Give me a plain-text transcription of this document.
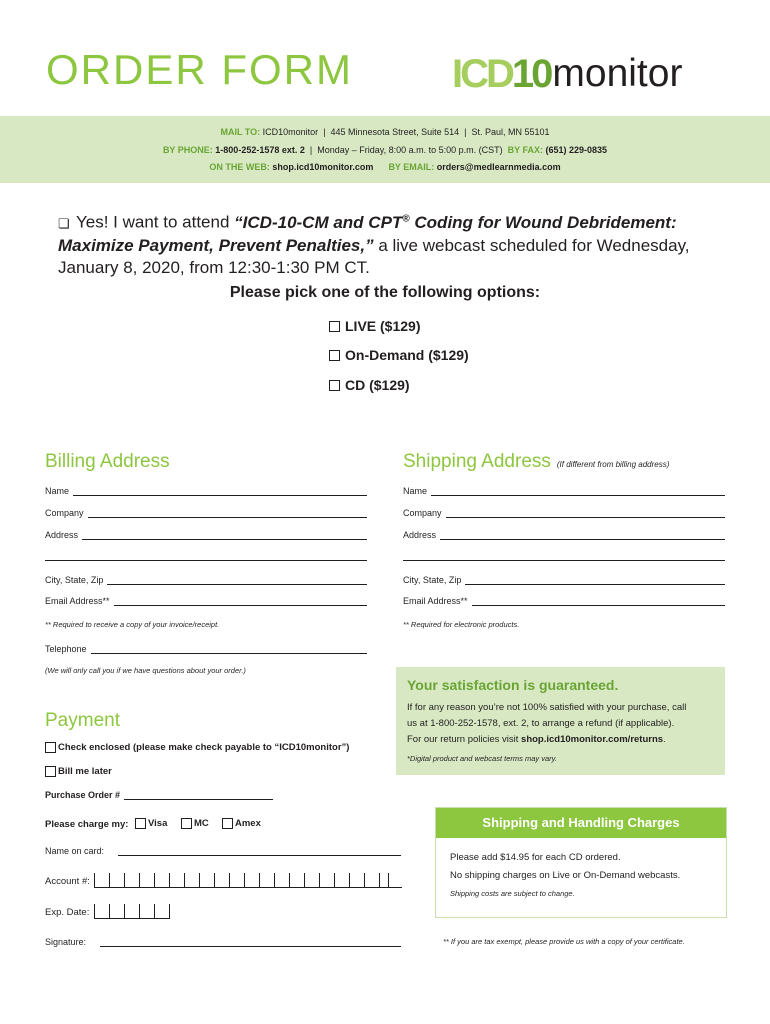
ORDER FORM ICD 10 monitor
MAIL TO: ICD10monitor  |  445 Minnesota Street, Suite 514  |  St. Paul, MN 55101
BY PHONE: 1-800-252-1578 ext. 2  |  Monday – Friday, 8:00 a.m. to 5:00 p.m. (CST) BY FAX: (651) 229-0835
ON THE WEB: shop.icd10monitor.com BY EMAIL: orders@medlearnmedia.com
❏ Yes! I want to attend “ICD-10-CM and CPT® Coding for Wound Debridement: Maximize Payment, Prevent Penalties,” a live webcast scheduled for Wednesday, January 8, 2020, from 12:30-1:30 PM CT.
Please pick one of the following options:
LIVE ($129)
On-Demand ($129)
CD ($129)
Billing Address
Name
Company
Address
City, State, Zip
Email Address**
** Required to receive a copy of your invoice/receipt.
Telephone
(We will only call you if we have questions about your order.)
Shipping Address (If different from billing address)
Name
Company
Address
City, State, Zip
Email Address**
** Required for electronic products.
Your satisfaction is guaranteed.

If for any reason you’re not 100% satisfied with your purchase, call

us at 1-800-252-1578, ext. 2, to arrange a refund (if applicable).

For our return policies visit shop.icd10monitor.com/returns.

*Digital product and webcast terms may vary.

Payment
Check enclosed (please make check payable to “ICD10monitor”)
Bill me later
Purchase Order #
Please charge my: Visa	MC	Amex
Name on card:
Account #:
Exp. Date:
Signature:
Shipping and Handling Charges

Please add $14.95 for each CD ordered.

No shipping charges on Live or On-Demand webcasts.

Shipping costs are subject to change.

** If you are tax exempt, please provide us with a copy of your certificate.
